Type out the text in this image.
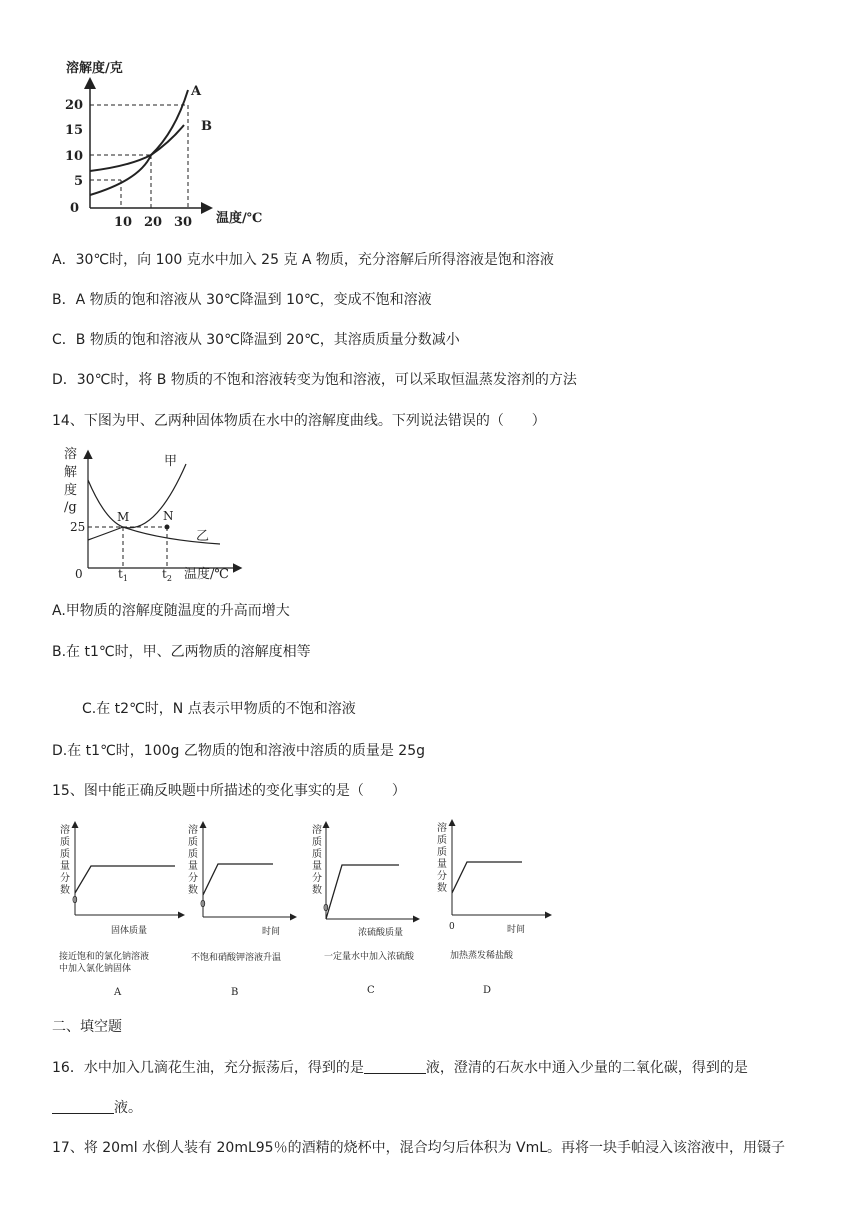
溶解度/克
0
5
10
15
20
10 20 30 温度/℃
A
B
A．30℃时，向 100 克水中加入 25 克 A 物质，充分溶解后所得溶液是饱和溶液
B．A 物质的饱和溶液从 30℃降温到 10℃，变成不饱和溶液
C．B 物质的饱和溶液从 30℃降温到 20℃，其溶质质量分数减小
D．30℃时，将 B 物质的不饱和溶液转变为饱和溶液，可以采取恒温蒸发溶剂的方法
14、下图为甲、乙两种固体物质在水中的溶解度曲线。下列说法错误的（　　）
溶
解
度
/g
25
0	$t_1$	$t_2$ 温度/℃
M	N
甲
乙
A.甲物质的溶解度随温度的升高而增大
B.在 t1℃时，甲、乙两物质的溶解度相等
C.在 t2℃时，N 点表示甲物质的不饱和溶液
D.在 t1℃时，100g 乙物质的饱和溶液中溶质的质量是 25g
15、图中能正确反映题中所描述的变化事实的是（　　）
溶
质
质
量
分
数
0
固体质量
接近饱和的氯化钠溶液
中加入氯化钠固体
A
溶
质
质
量
分
数
0
时间
不饱和硝酸钾溶液升温
B
溶
质
质
量
分
数
0
浓硫酸质量
一定量水中加入浓硫酸
C
溶
质
质
量
分
数
0	时间
加热蒸发稀盐酸
D
二、填空题
16．水中加入几滴花生油，充分振荡后，得到的是	液，澄清的石灰水中通入少量的二氧化碳，得到的是
液。
17、将 20ml 水倒人装有 20mL95％的酒精的烧杯中，混合均匀后体积为 VmL。再将一块手帕浸入该溶液中，用镊子
